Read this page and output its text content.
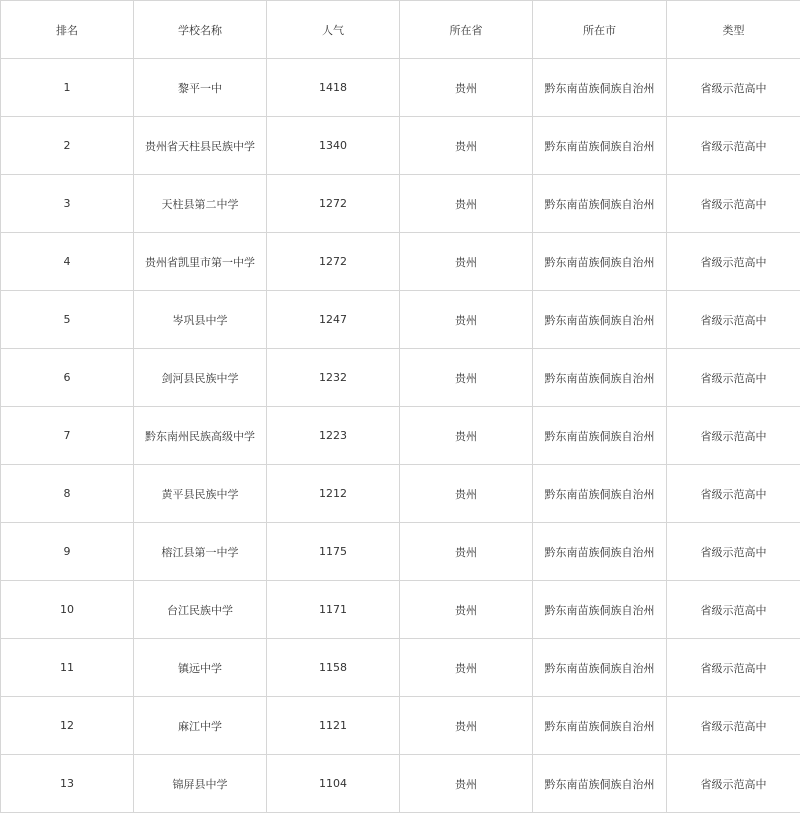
排名	学校名称	人气	所在省	所在市	类型
1	黎平一中	1418	贵州	黔东南苗族侗族自治州	省级示范高中
2	贵州省天柱县民族中学	1340	贵州	黔东南苗族侗族自治州	省级示范高中
3	天柱县第二中学	1272	贵州	黔东南苗族侗族自治州	省级示范高中
4	贵州省凯里市第一中学	1272	贵州	黔东南苗族侗族自治州	省级示范高中
5	岑巩县中学	1247	贵州	黔东南苗族侗族自治州	省级示范高中
6	剑河县民族中学	1232	贵州	黔东南苗族侗族自治州	省级示范高中
7	黔东南州民族高级中学	1223	贵州	黔东南苗族侗族自治州	省级示范高中
8	黄平县民族中学	1212	贵州	黔东南苗族侗族自治州	省级示范高中
9	榕江县第一中学	1175	贵州	黔东南苗族侗族自治州	省级示范高中
10	台江民族中学	1171	贵州	黔东南苗族侗族自治州	省级示范高中
11	镇远中学	1158	贵州	黔东南苗族侗族自治州	省级示范高中
12	麻江中学	1121	贵州	黔东南苗族侗族自治州	省级示范高中
13	锦屏县中学	1104	贵州	黔东南苗族侗族自治州	省级示范高中
